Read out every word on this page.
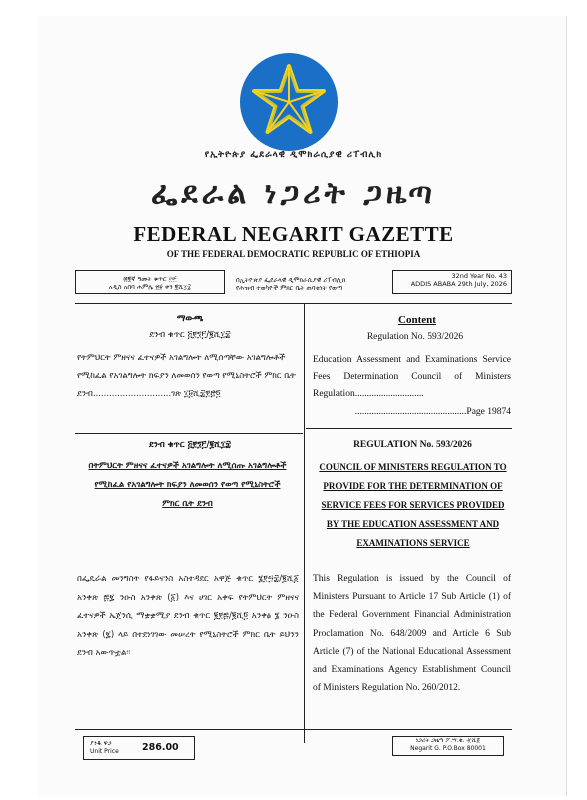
የኢትዮጵያ ፌደራላዊ ዲሞክራሲያዊ ሪፐብሊክ
ፌደራል ነጋሪት ጋዜጣ
FEDERAL NEGARIT GAZETTE
OF THE FEDERAL DEMOCRATIC REPUBLIC OF ETHIOPIA
፴፪ኛ ዓመት ቁጥር ፵፫
አዲስ አበባ ሐምሌ ፳፱ ቀን ፪ሺ፲፰
በኢትዮጵያ ፌደራላዊ ዲሞክራሲያዊ ሪፐብሊክ
የሕዝብ ተወካዮች ምክር ቤት ጠባቂነት የወጣ
32nd Year No. 43
ADDIS ABABA 29th July, 2026
ማውጫ
ደንብ ቁጥር ፭፻፺፫/፪ሺ፲፰
የትምህርት ምዘናና ፈተናዎች አገልግሎት ለሚሰጣቸው አገልግሎቶች የሚከፈል የአገልግሎት ክፍያን ለመወሰን የወጣ የሚኒስትሮች ምክር ቤት ደንብ.............................ገጽ ፲፱ሺ፰፻፸፬
Content
Regulation No. 593/2026
Education Assessment and Examinations Service Fees Determination Council of Ministers Regulation.............................
...............................................Page 19874
ደንብ ቁጥር ፭፻፺፫/፪ሺ፲፰
በትምህርት ምዘናና ፈተናዎች አገልግሎት ለሚሰጡ አገልግሎቶች የሚከፈል የአገልግሎት ክፍያን ለመወሰን የወጣ የሚኒስትሮች ምክር ቤት ደንብ
REGULATION No. 593/2026
COUNCIL OF MINISTERS REGULATION TO PROVIDE FOR THE DETERMINATION OF SERVICE FEES FOR SERVICES PROVIDED BY THE EDUCATION ASSESSMENT AND EXAMINATIONS SERVICE
በፌዴራል መንግስት የፋይናንስ አስተዳደር አዋጅ ቁጥር ፮፻፵፰/፪ሺ፩ አንቀጽ ፷፯ ንዑስ አንቀጽ (፩) እና ሀገር አቀፍ የትምህርት ምዘናና ፈተናዎች ኤጀንሲ ማቋቋሚያ ደንብ ቁጥር ፪፻፷/፪ሺ፬ አንቀፅ ፮ ንዑስ አንቀጽ (፯) ላይ በተደነገገው መሠረት የሚኒስትሮች ምክር ቤት ይህንን ደንብ አውጥቷል፡፡
This Regulation is issued by the Council of Ministers Pursuant to Article 17 Sub Article (1) of the Federal Government Financial Administration Proclamation No. 648/2009 and Article 6 Sub Article (7) of the National Educational Assessment and Examinations Agency Establishment Council of Ministers Regulation No. 260/2012.
ያንዱ ዋጋ
Unit Price 286.00
ነጋሪት ጋዜጣ ፖ.ሣ.ቁ. ፹ሺ፩
Negarit G. P.O.Box 80001
